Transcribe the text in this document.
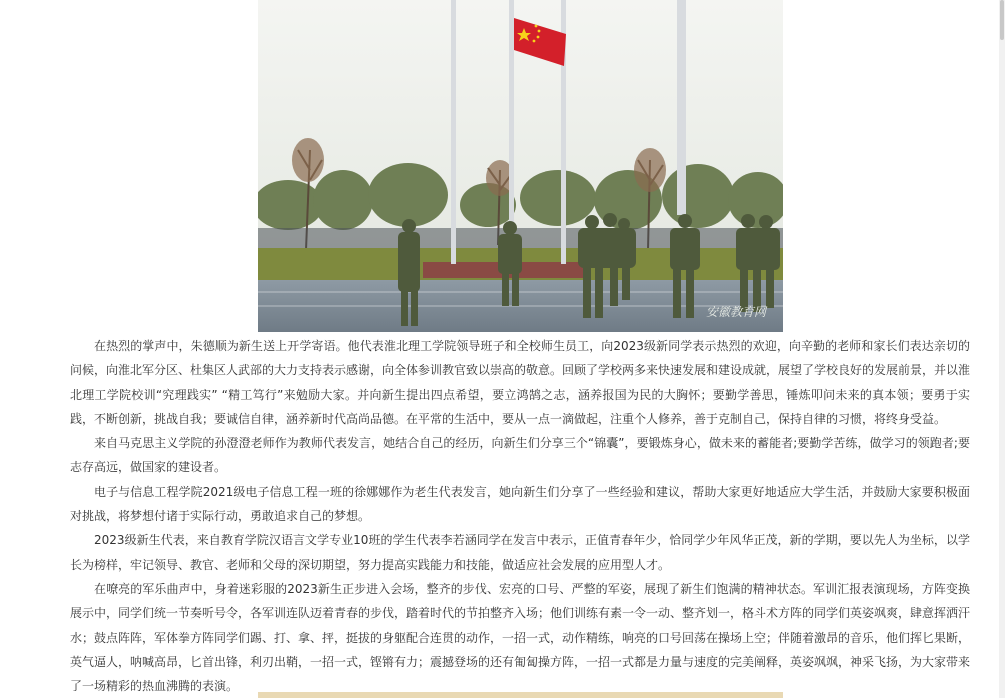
安徽教育网

在热烈的掌声中，朱德顺为新生送上开学寄语。他代表淮北理工学院领导班子和全校师生员工，向2023级新同学表示热烈的欢迎，向辛勤的老师和家长们表达亲切的问候，向淮北军分区、杜集区人武部的大力支持表示感谢，向全体参训教官致以崇高的敬意。回顾了学校两多来快速发展和建设成就，展望了学校良好的发展前景，并以淮北理工学院校训“究理践实” “精工笃行”来勉励大家。并向新生提出四点希望，要立鸿鹄之志，涵养报国为民的大胸怀；要勤学善思，锤炼叩问未来的真本领；要勇于实践，不断创新，挑战自我；要诚信自律，涵养新时代高尚品德。在平常的生活中，要从一点一滴做起，注重个人修养，善于克制自己，保持自律的习惯，将终身受益。

来自马克思主义学院的孙澄澄老师作为教师代表发言，她结合自己的经历，向新生们分享三个“锦囊”，要锻炼身心，做未来的蓄能者;要勤学苦练，做学习的领跑者;要志存高远，做国家的建设者。

电子与信息工程学院2021级电子信息工程一班的徐娜娜作为老生代表发言，她向新生们分享了一些经验和建议，帮助大家更好地适应大学生活，并鼓励大家要积极面对挑战，将梦想付诸于实际行动，勇敢追求自己的梦想。

2023级新生代表，来自教育学院汉语言文学专业10班的学生代表李若涵同学在发言中表示，正值青春年少，恰同学少年风华正茂，新的学期，要以先人为坐标，以学长为榜样，牢记领导、教官、老师和父母的深切期望，努力提高实践能力和技能，做适应社会发展的应用型人才。

在嘹亮的军乐曲声中，身着迷彩服的2023新生正步进入会场，整齐的步伐、宏亮的口号、严整的军姿，展现了新生们饱满的精神状态。军训汇报表演现场，方阵变换展示中，同学们统一节奏听号令，各军训连队迈着青春的步伐，踏着时代的节拍整齐入场；他们训练有素一令一动、整齐划一，格斗术方阵的同学们英姿飒爽，肆意挥洒汗水；鼓点阵阵，军体拳方阵同学们踢、打、拿、抨，挺拔的身躯配合连贯的动作，一招一式，动作精练，响亮的口号回荡在操场上空；伴随着激昂的音乐，他们挥匕果断，英气逼人，呐喊高昂，匕首出锋，利刃出鞘，一招一式，铿锵有力；震撼登场的还有匍匐操方阵，一招一式都是力量与速度的完美阐释，英姿飒飒，神采飞扬，为大家带来了一场精彩的热血沸腾的表演。
